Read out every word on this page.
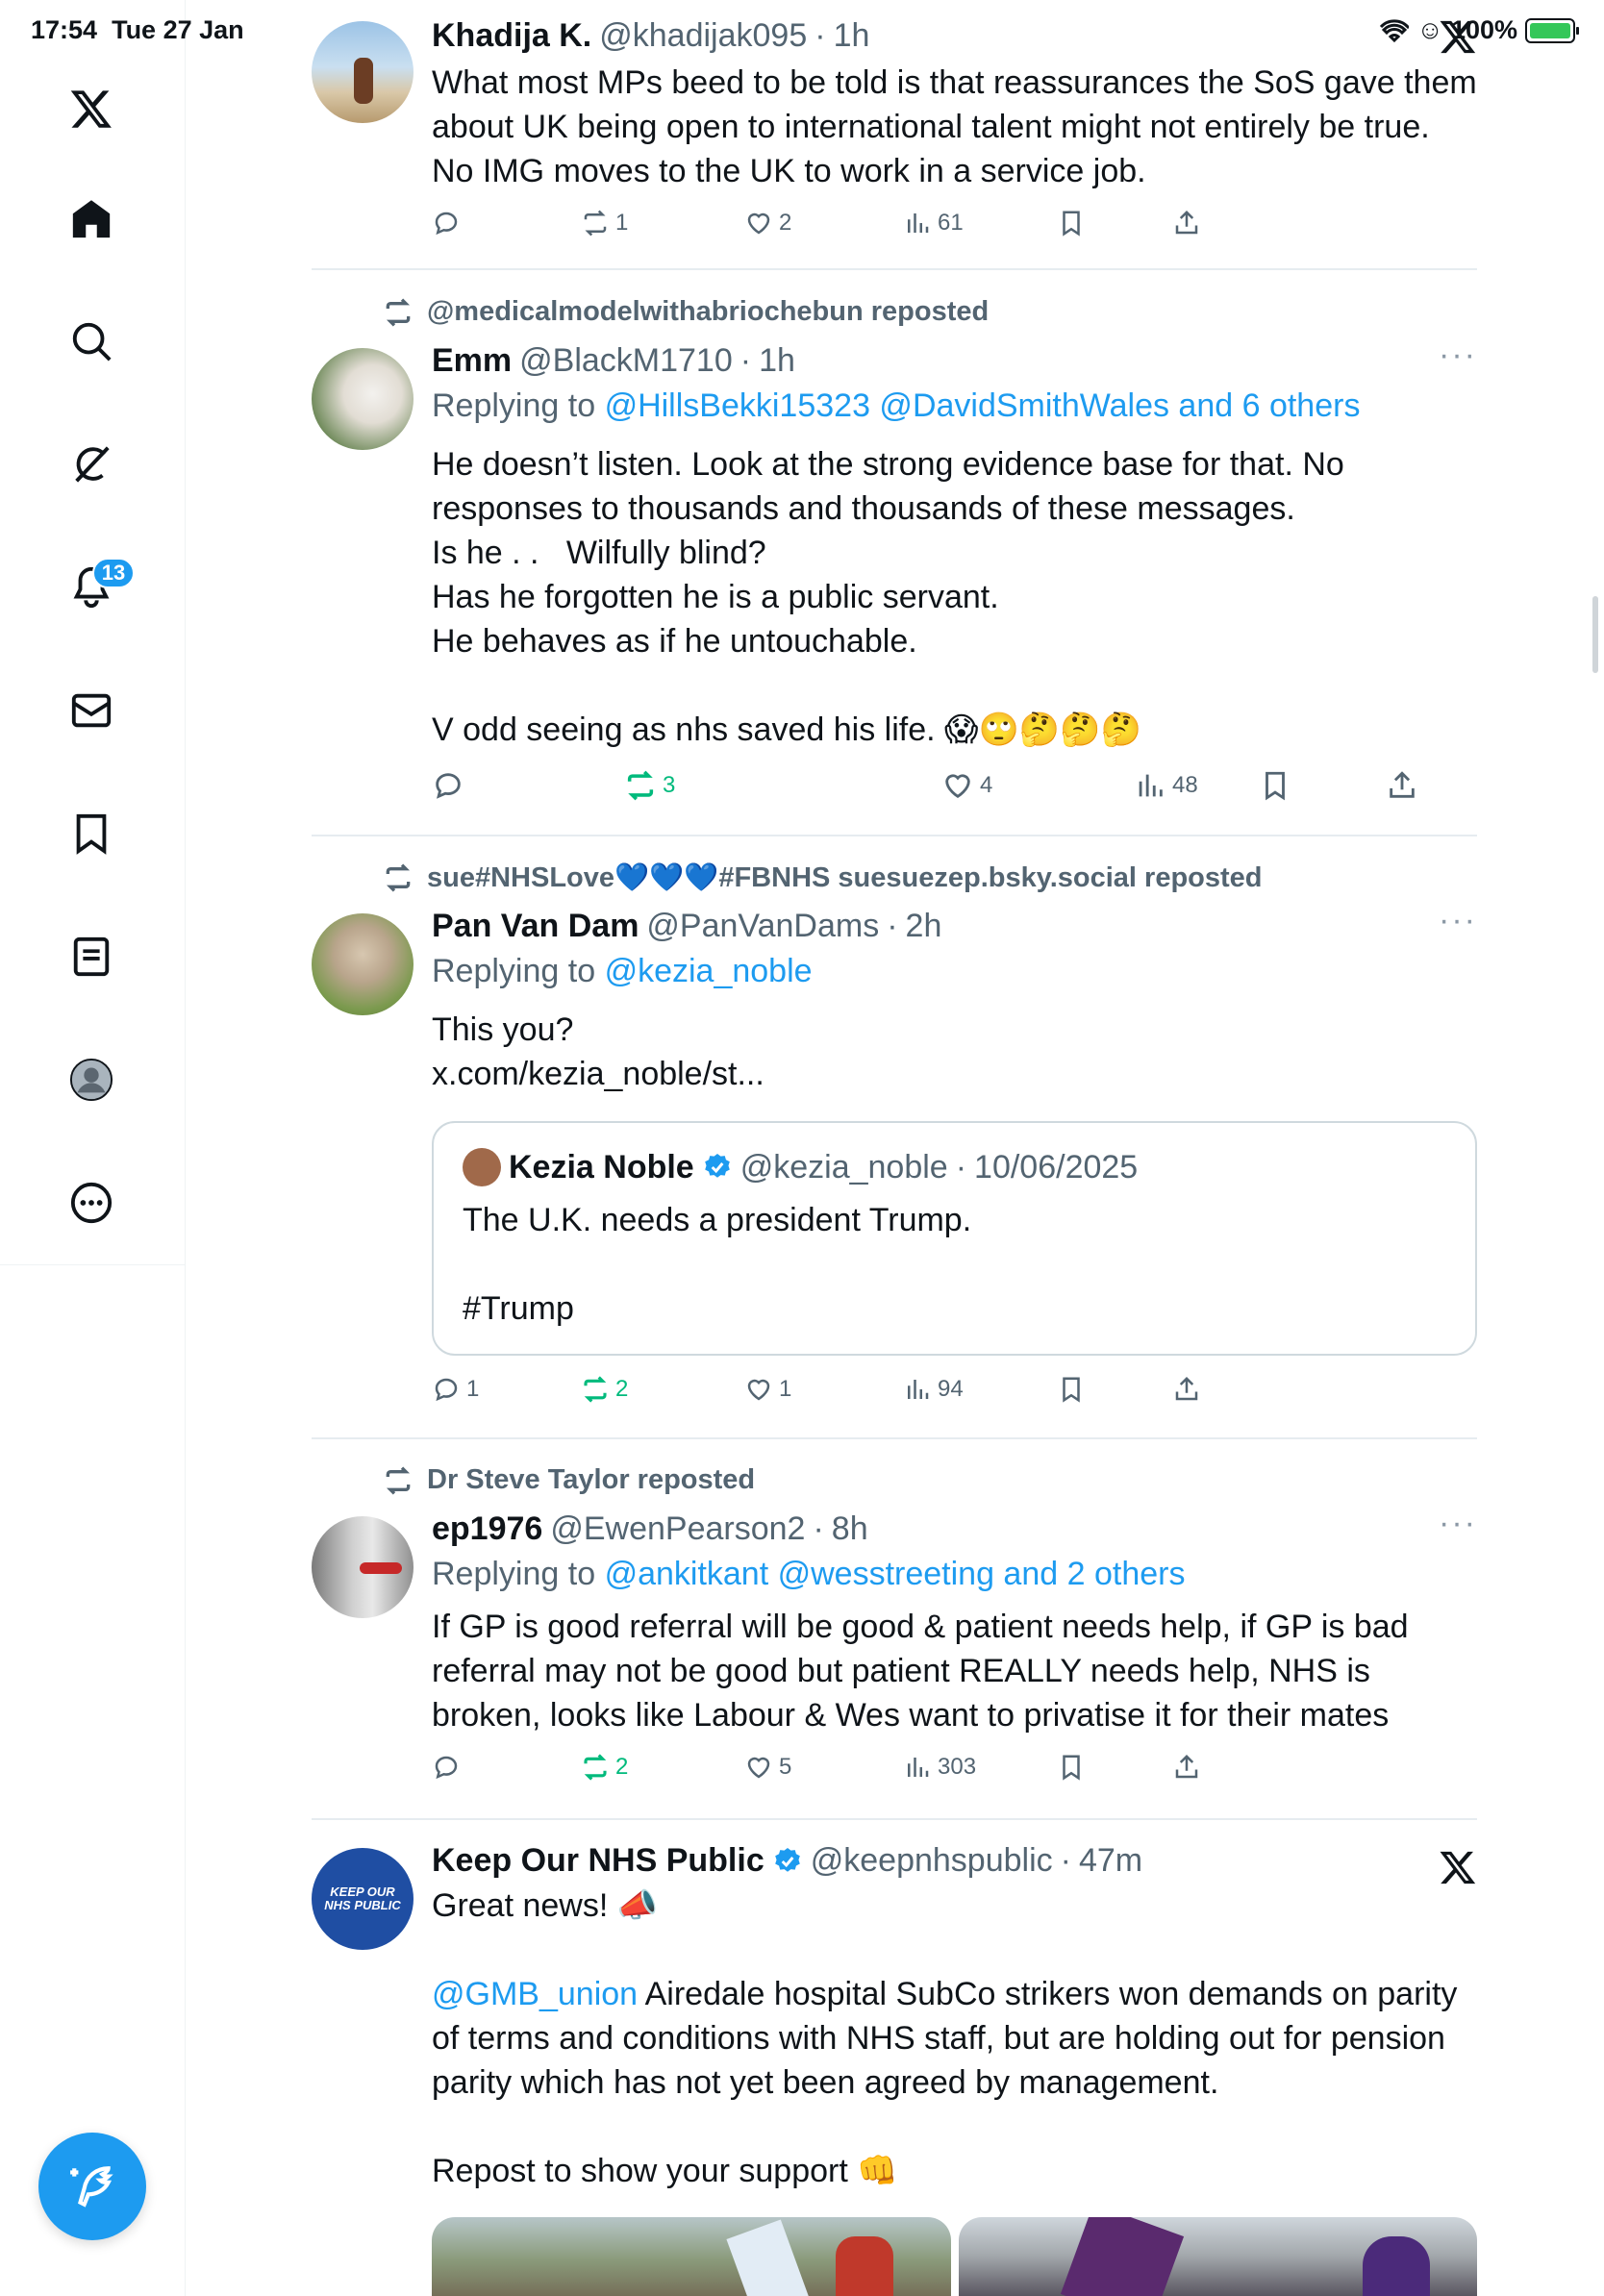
17:54 Tue 27 Jan	☺ 100%
13
Khadija K. @khadijak095 · 1h
What most MPs beed to be told is that reassurances the SoS gave them
about UK being open to international talent might not entirely be true.
No IMG moves to the UK to work in a service job.
1	2	61
@medicalmodelwithabriochebun reposted
Emm @BlackM1710 · 1h
Replying to @HillsBekki15323 @DavidSmithWales and 6 others
He doesn’t listen. Look at the strong evidence base for that. No
responses to thousands and thousands of these messages.
Is he . .   Wilfully blind?
Has he forgotten he is a public servant.
He behaves as if he untouchable.

V odd seeing as nhs saved his life. 😱🙄🤔🤔🤔
3	4	48
···
sue#NHSLove💙💙💙#FBNHS suesuezep.bsky.social reposted
Pan Van Dam @PanVanDams · 2h
Replying to @kezia_noble
This you?
x.com/kezia_noble/st...
Kezia Noble @kezia_noble · 10/06/2025
The U.K. needs a president Trump.
#Trump
1	2	1	94
···
Dr Steve Taylor reposted
ep1976 @EwenPearson2 · 8h
Replying to @ankitkant @wesstreeting and 2 others
If GP is good referral will be good & patient needs help, if GP is bad
referral may not be good but patient REALLY needs help, NHS is
broken, looks like Labour & Wes want to privatise it for their mates
2	5	303
···
KEEP OUR NHS PUBLIC
Keep Our NHS Public @keepnhspublic · 47m
Great news! 📣
@GMB_union Airedale hospital SubCo strikers won demands on parity
of terms and conditions with NHS staff, but are holding out for pension
parity which has not yet been agreed by management.
Repost to show your support 👊
